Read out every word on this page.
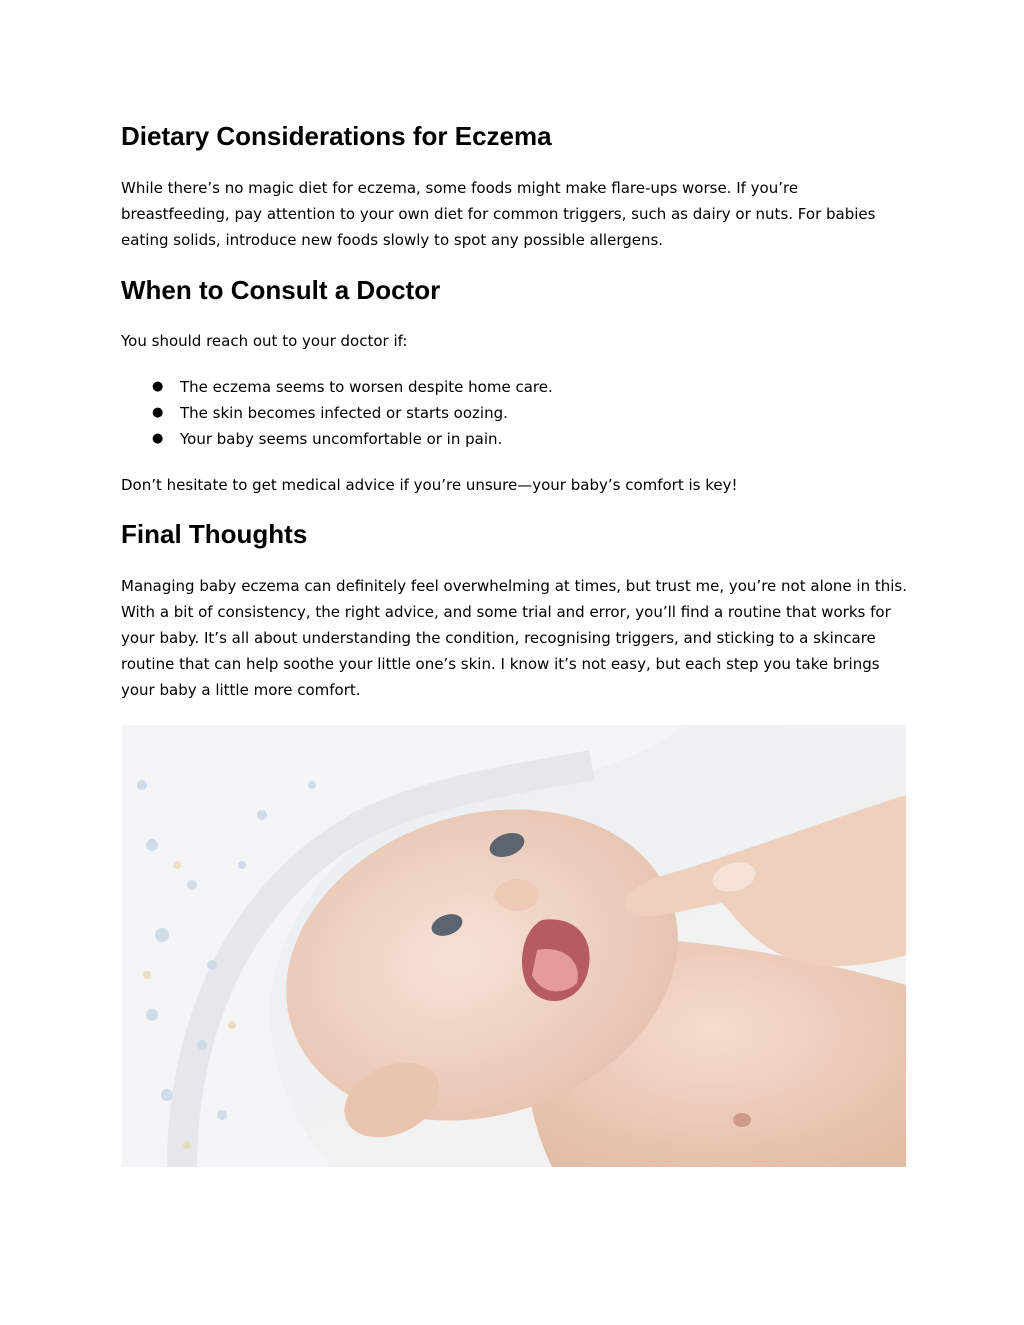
Dietary Considerations for Eczema

While there’s no magic diet for eczema, some foods might make flare-ups worse. If you’re breastfeeding, pay attention to your own diet for common triggers, such as dairy or nuts. For babies eating solids, introduce new foods slowly to spot any possible allergens.

When to Consult a Doctor

You should reach out to your doctor if:

● The eczema seems to worsen despite home care.
● The skin becomes infected or starts oozing.
● Your baby seems uncomfortable or in pain.

Don’t hesitate to get medical advice if you’re unsure—your baby’s comfort is key!

Final Thoughts

Managing baby eczema can definitely feel overwhelming at times, but trust me, you’re not alone in this. With a bit of consistency, the right advice, and some trial and error, you’ll find a routine that works for your baby. It’s all about understanding the condition, recognising triggers, and sticking to a skincare routine that can help soothe your little one’s skin. I know it’s not easy, but each step you take brings your baby a little more comfort.
